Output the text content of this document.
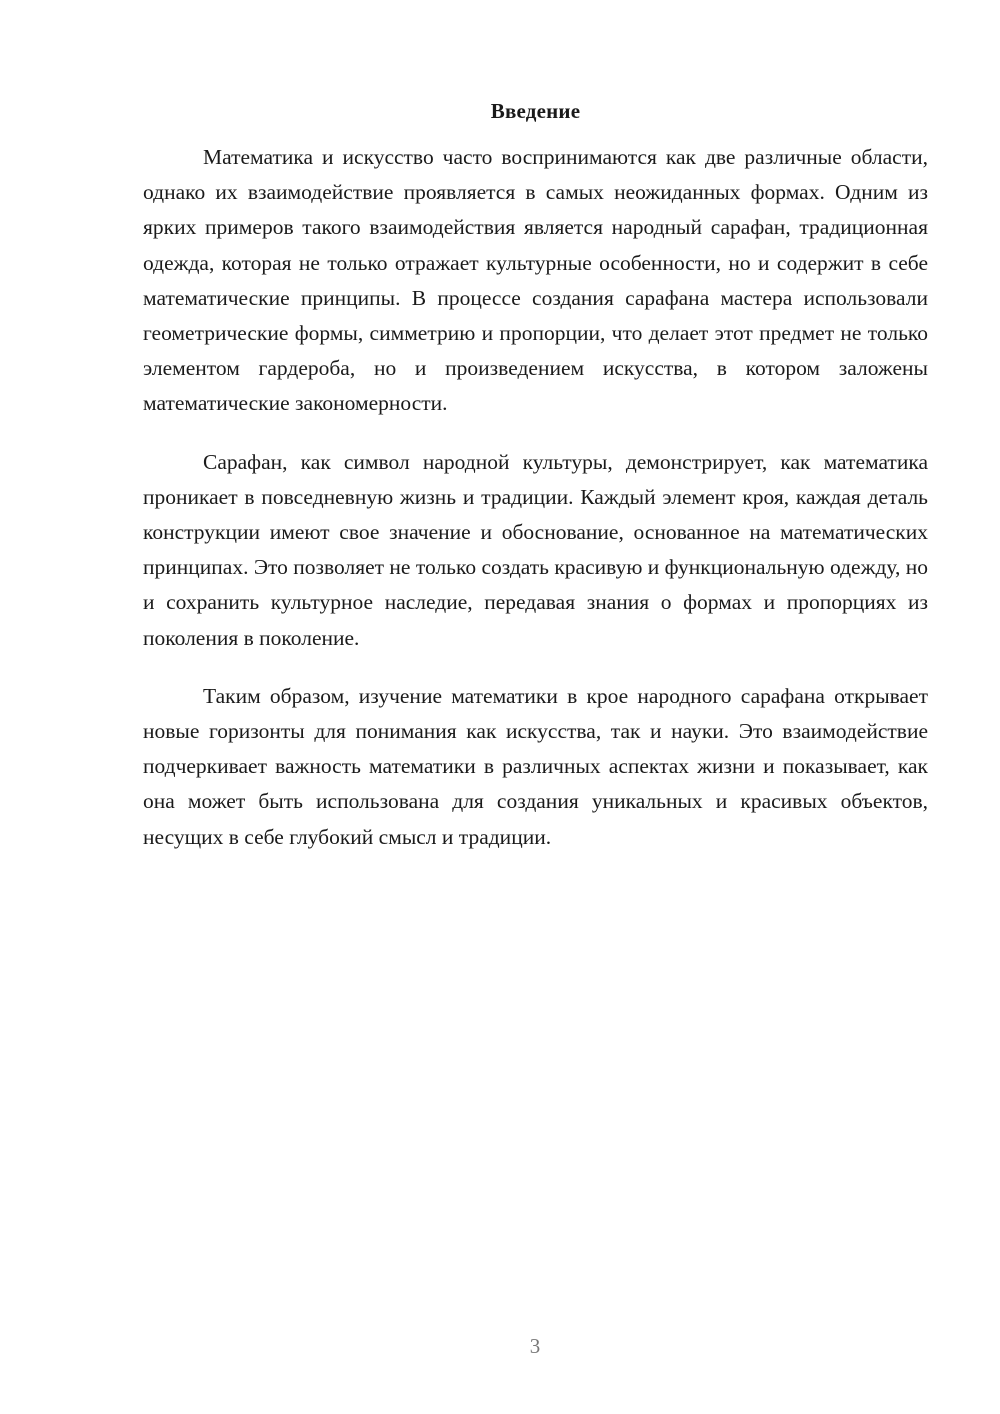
Введение

Математика и искусство часто воспринимаются как две различные области, однако их взаимодействие проявляется в самых неожиданных формах. Одним из ярких примеров такого взаимодействия является народный сарафан, традиционная одежда, которая не только отражает культурные особенности, но и содержит в себе математические принципы. В процессе создания сарафана мастера использовали геометрические формы, симметрию и пропорции, что делает этот предмет не только элементом гардероба, но и произведением искусства, в котором заложены математические закономерности.

Сарафан, как символ народной культуры, демонстрирует, как математика проникает в повседневную жизнь и традиции. Каждый элемент кроя, каждая деталь конструкции имеют свое значение и обоснование, основанное на математических принципах. Это позволяет не только создать красивую и функциональную одежду, но и сохранить культурное наследие, передавая знания о формах и пропорциях из поколения в поколение.

Таким образом, изучение математики в крое народного сарафана открывает новые горизонты для понимания как искусства, так и науки. Это взаимодействие подчеркивает важность математики в различных аспектах жизни и показывает, как она может быть использована для создания уникальных и красивых объектов, несущих в себе глубокий смысл и традиции.

3
